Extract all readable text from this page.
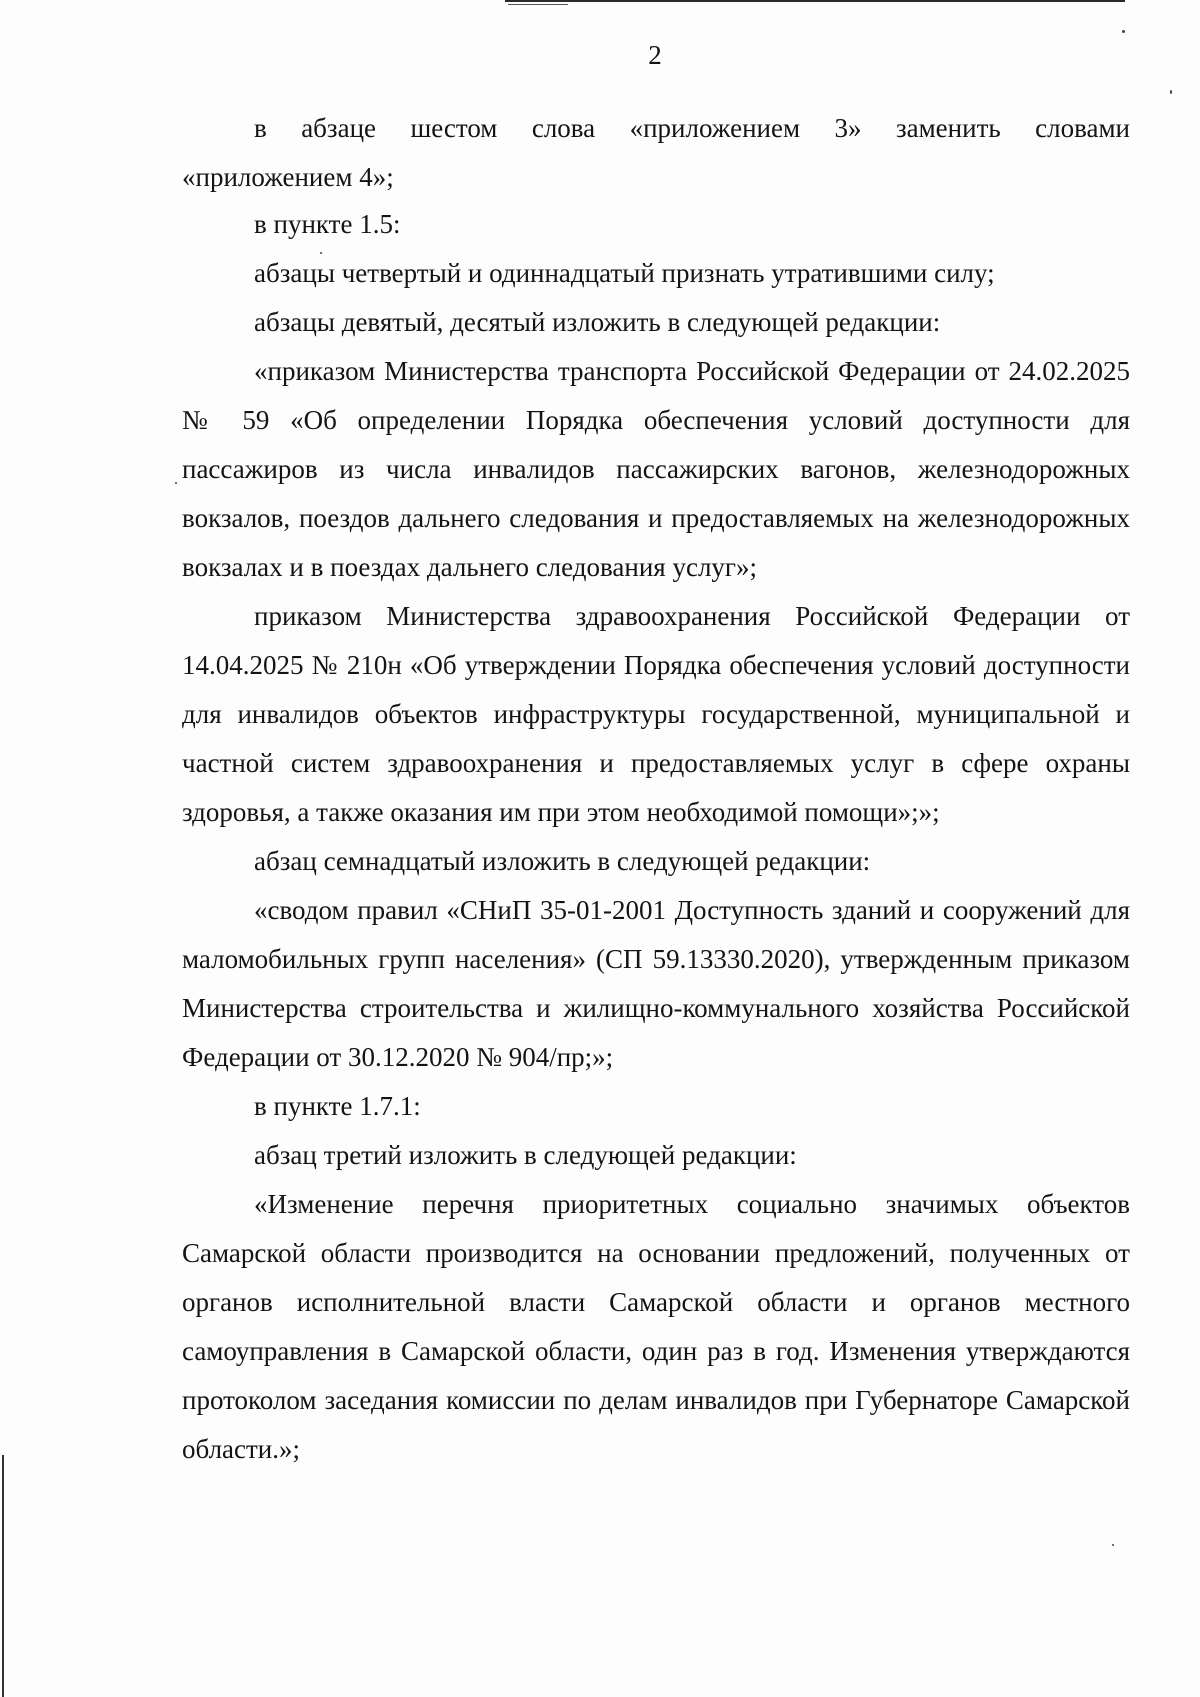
2

в абзаце шестом слова «приложением 3» заменить словами

«приложением 4»;

в пункте 1.5:

абзацы четвертый и одиннадцатый признать утратившими силу;

абзацы девятый, десятый изложить в следующей редакции:

«приказом Министерства транспорта Российской Федерации от 24.02.2025 № 59 «Об определении Порядка обеспечения условий доступности для пассажиров из числа инвалидов пассажирских вагонов, железнодорожных вокзалов, поездов дальнего следования и предоставляемых на железнодорожных вокзалах и в поездах дальнего следования услуг»;

приказом Министерства здравоохранения Российской Федерации от 14.04.2025 № 210н «Об утверждении Порядка обеспечения условий доступности для инвалидов объектов инфраструктуры государственной, муниципальной и частной систем здравоохранения и предоставляемых услуг в сфере охраны здоровья, а также оказания им при этом необходимой помощи»;»;

абзац семнадцатый изложить в следующей редакции:

«сводом правил «СНиП 35-01-2001 Доступность зданий и сооружений для маломобильных групп населения» (СП 59.13330.2020), утвержденным приказом Министерства строительства и жилищно-коммунального хозяйства Российской Федерации от 30.12.2020 № 904/пр;»;

в пункте 1.7.1:

абзац третий изложить в следующей редакции:

«Изменение перечня приоритетных социально значимых объектов Самарской области производится на основании предложений, полученных от органов исполнительной власти Самарской области и органов местного самоуправления в Самарской области, один раз в год. Изменения утверждаются протоколом заседания комиссии по делам инвалидов при Губернаторе Самарской области.»;
